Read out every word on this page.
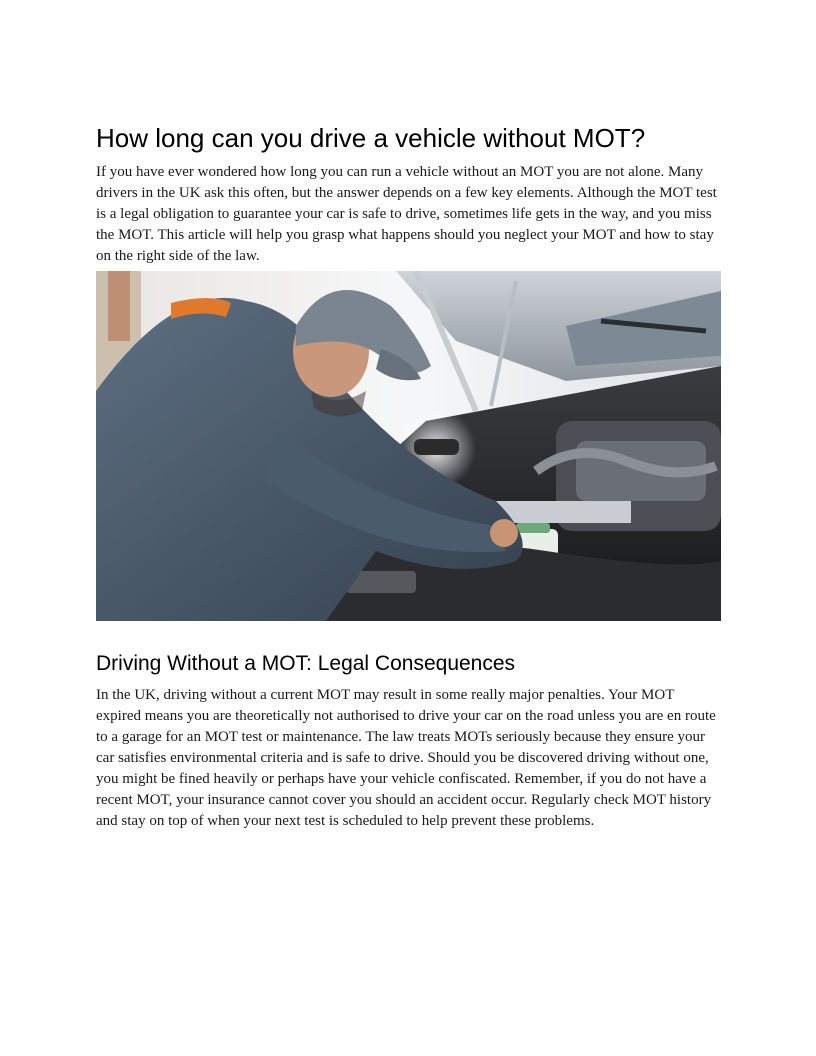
How long can you drive a vehicle without MOT?

If you have ever wondered how long you can run a vehicle without an MOT you are not alone. Many drivers in the UK ask this often, but the answer depends on a few key elements. Although the MOT test is a legal obligation to guarantee your car is safe to drive, sometimes life gets in the way, and you miss the MOT. This article will help you grasp what happens should you neglect your MOT and how to stay on the right side of the law.

Driving Without a MOT: Legal Consequences

In the UK, driving without a current MOT may result in some really major penalties. Your MOT expired means you are theoretically not authorised to drive your car on the road unless you are en route to a garage for an MOT test or maintenance. The law treats MOTs seriously because they ensure your car satisfies environmental criteria and is safe to drive. Should you be discovered driving without one, you might be fined heavily or perhaps have your vehicle confiscated. Remember, if you do not have a recent MOT, your insurance cannot cover you should an accident occur. Regularly check MOT history and stay on top of when your next test is scheduled to help prevent these problems.
